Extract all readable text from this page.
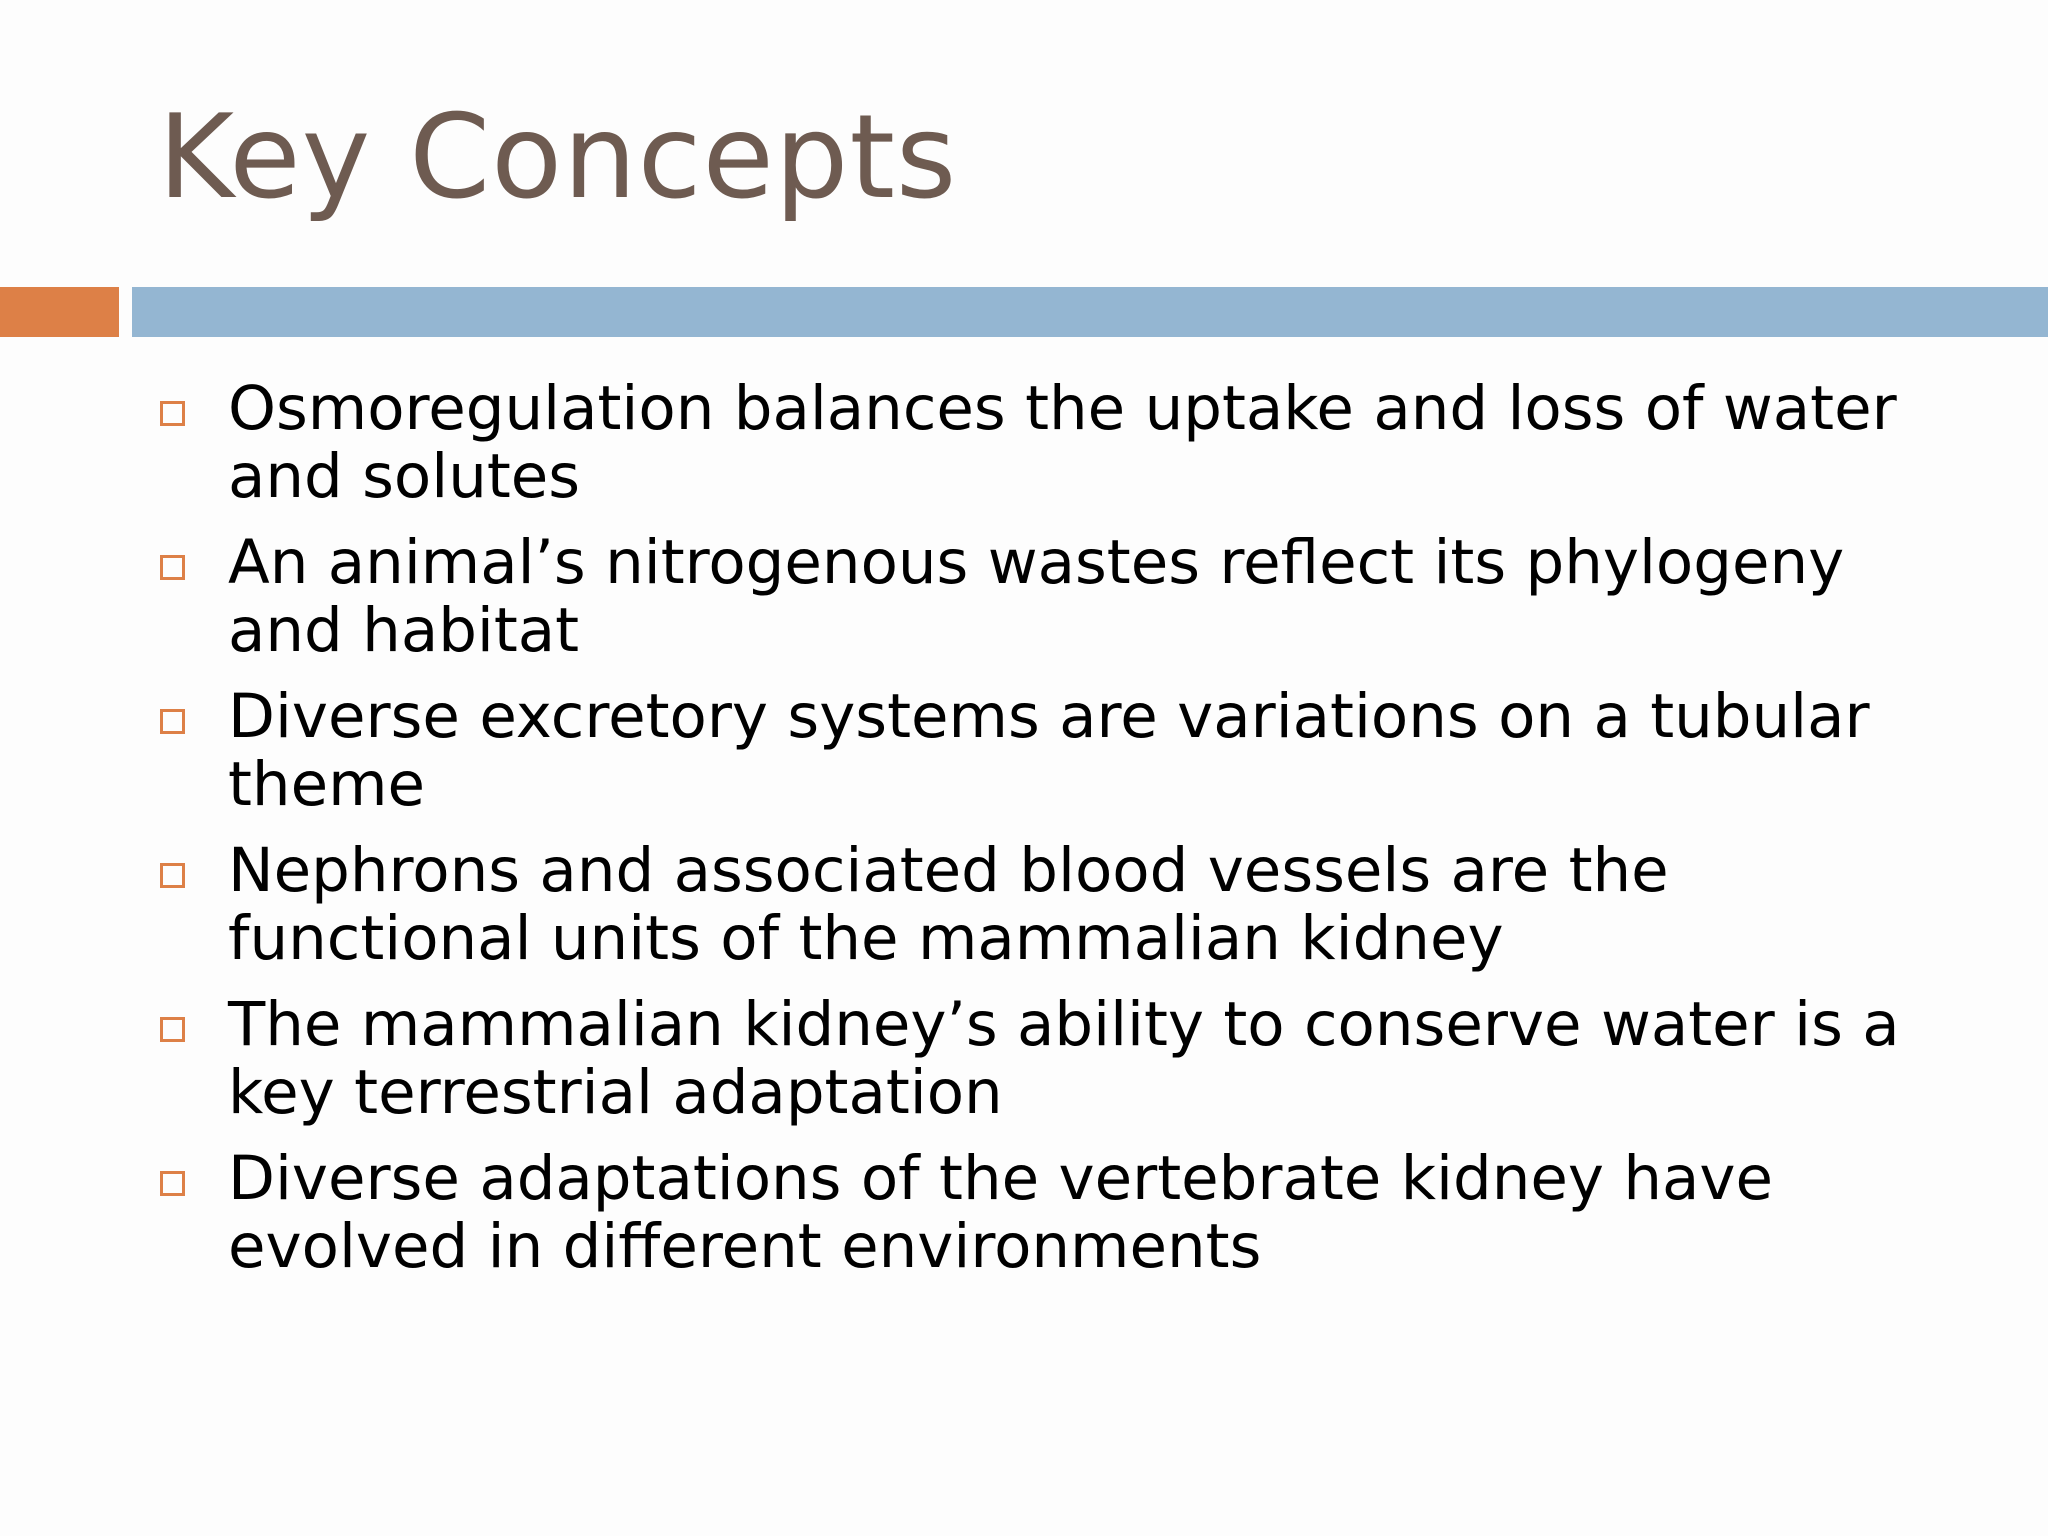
Key Concepts
Osmoregulation balances the uptake and loss of water and solutes
An animal’s nitrogenous wastes reflect its phylogeny and habitat
Diverse excretory systems are variations on a tubular theme
Nephrons and associated blood vessels are the functional units of the mammalian kidney
The mammalian kidney’s ability to conserve water is a key terrestrial adaptation
Diverse adaptations of the vertebrate kidney have evolved in different environments
